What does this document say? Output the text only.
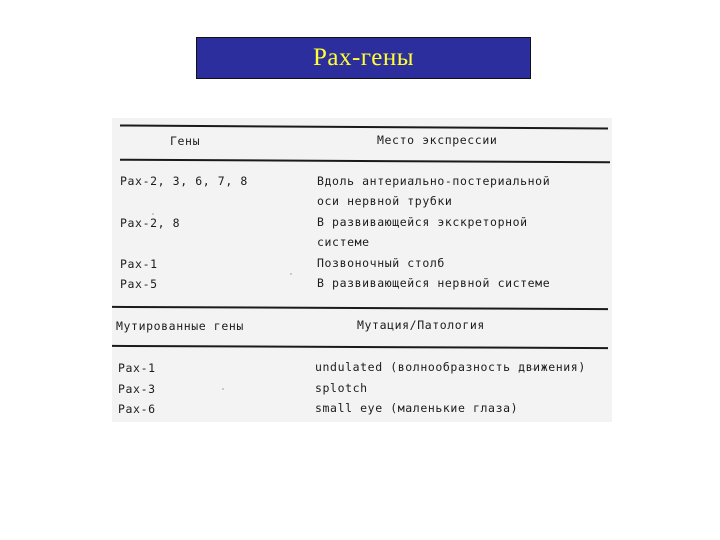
Pax-гены
Гены	Место экспрессии
Pax-2, 3, 6, 7, 8	Вдоль антериально-постериальной
оси нервной трубки
Pax-2, 8	В развивающейся экскреторной
системе
Pax-1	Позвоночный столб
Pax-5	В развивающейся нервной системе
Мутированные гены	Мутация/Патология
Pax-1	undulated (волнообразность движения)
Pax-3	splotch
Pax-6	small eye (маленькие глаза)
